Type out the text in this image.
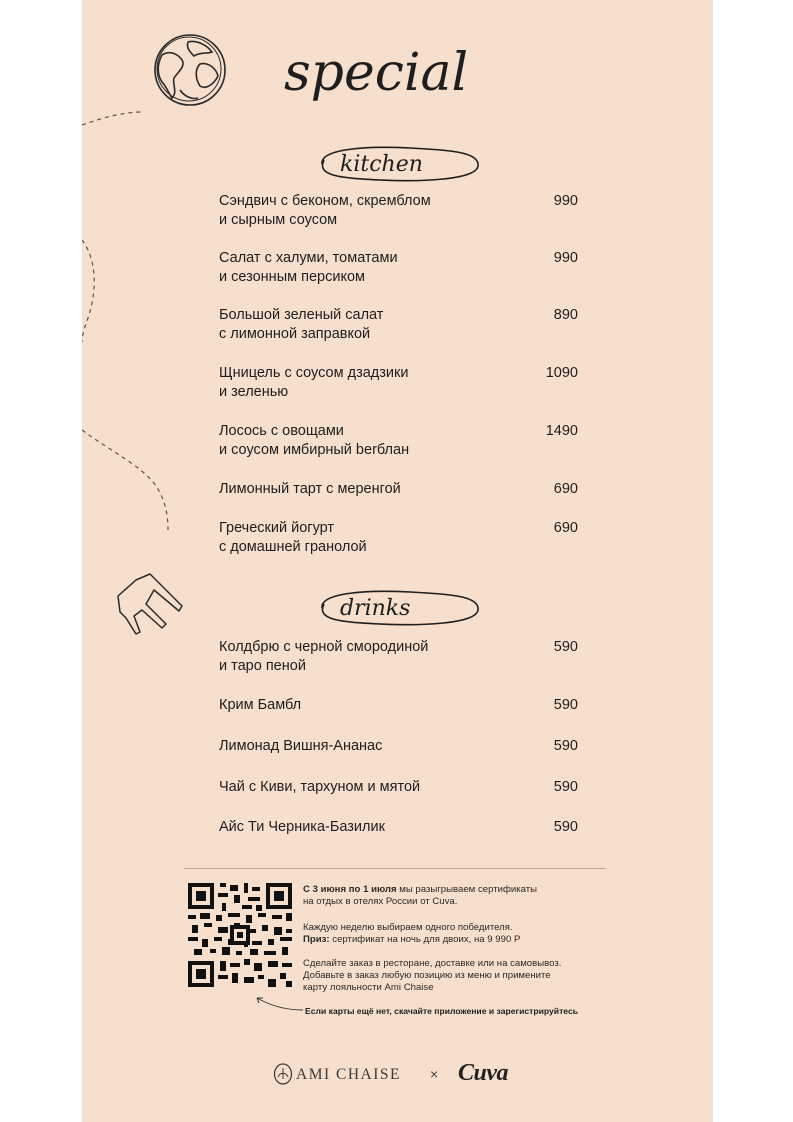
special
kitchen
Сэндвич с беконом, скремблом
и сырным соусом
990
Салат с халуми, томатами
и сезонным персиком
990
Большой зеленый салат
с лимонной заправкой
890
Щницель с соусом дзадзики
и зеленью
1090
Лосось с овощами
и соусом имбирный berблан
1490
Лимонный тарт с меренгой	690
Греческий йогурт
с домашней гранолой
690
drinks
Колдбрю с черной смородиной
и таро пеной
590
Крим Бамбл	590
Лимонад Вишня-Ананас	590
Чай с Киви, тархуном и мятой	590
Айс Ти Черника-Базилик	590
С 3 июня по 1 июля мы разыгрываем сертификаты
на отдых в отелях России от Cuva.
Каждую неделю выбираем одного победителя.
Приз: сертификат на ночь для двоих, на 9 990 Р
Сделайте заказ в ресторане, доставке или на самовывоз.
Добавьте в заказ любую позицию из меню и примените
карту лояльности Ami Chaise
Если карты ещё нет, скачайте приложение и зарегистрируйтесь
AMI CHAISE × Cuva
